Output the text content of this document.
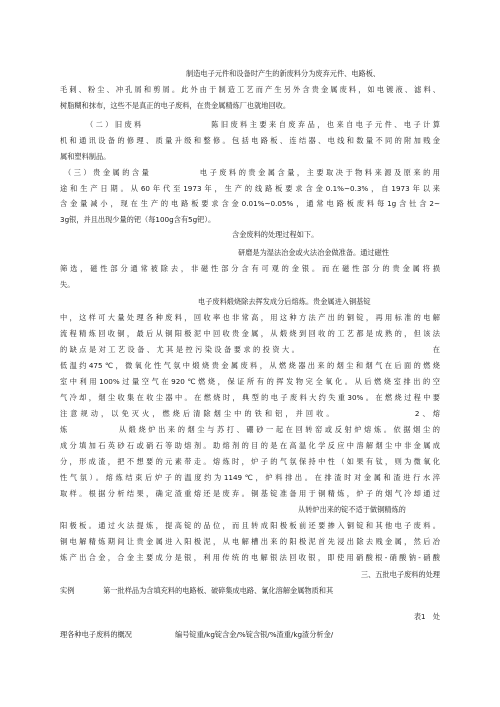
制造电子元件和设备时产生的新废料分为废弃元件、电路板、
毛刺、粉尘、冲孔屑和剪屑。此外由于制造工艺而产生另外含贵金属废料，如电镀液、滤料、
树脂糊和抹布，这些不是真正的电子废料，在贵金属精炼厂也就地回收。
（二）旧废料　　　　　　　陈旧废料主要来自废弃品，也来自电子元件、电子计算
机和通讯设备的修理、质量升级和整修。包括电路板、连结器、电线和数量不同的附加贱金
属和塑料制品。
（三）贵金属的含量　　　　　电子废料的贵金属含量，主要取决于物料来源及原来的用
途和生产日期。从60年代至1973年，生产的线路板要求含金0.1%~0.3%，自1973年以来
含金量减小，现在生产的电路板要求含金0.01%~0.05%，通常电路板废料每1g含钍含2~
3g银，并且出现少量的钯（每100g含有5g钯）。
含金废料的处理过程如下。
研磨是为湿法冶金或火法冶金做准备。通过磁性
筛选，磁性部分通常被除去，非磁性部分含有可观的金银。而在磁性部分的贵金属将损
失。
电子废料煅烧除去挥发成分后熔炼。贵金属进入铜基锭
中，这样可大量处理各种废料，回收率也非常高，用这种方法产出的铜锭，再用标准的电解
流程精炼回收铜，最后从铜阳极泥中回收贵金属，从煅烧到回收的工艺都是成熟的，但该法
的缺点是对工艺设备、尤其是控污染设备要求的投资大。　　　　　　　　　　　　　　在
低温约475℃，微氧化性气氛中煅烧贵金属废料，从燃烧器出来的烟尘和烟气在后面的燃烧
室中利用100%过量空气在920℃燃烧，保证所有的挥发物完全氧化。从后燃烧室排出的空
气冷却，烟尘收集在收尘器中。在燃烧时，典型的电子废料大约失重30%。在燃烧过程中要
注意规动，以免灭火，燃烧后清除烟尘中的铁和铝，并回收。　　　　　　　　2、熔
炼　　　　　从煅烧炉出来的烟尘与苏打、硼砂一起在回转窑或反射炉熔炼。依据烟尘的
成分填加石英砂石或硝石等助熔剂。助熔剂的目的是在高温化学反应中溶解烟尘中非金属成
分，形成渣，把不想要的元素带走。熔炼时，炉子的气氛保持中性（如果有钛，则为微氧化
性气氛）。熔炼结束后炉子的温度约为1149℃，炉料排出。在排渣时对金属和渣进行水淬
取样。根据分析结果，确定渣重熔还是废弃。铜基锭准备用于铜精炼，炉子的烟气冷却通过
从转炉出来的锭不适于做铜精炼的
阳极板。通过火法提炼，提高锭的品位，而且转成阳极板前还要掺入铜锭和其他电子废料。
铜电解精炼期间让贵金属进入阳极泥，从电解槽出来的阳极泥首先浸出除去贱金属，然后冶
炼产出合金，合金主要成分是银，利用传统的电解银法回收银，即使用硝酸根-硝酸钠-硝酸
三、五批电子废料的处理
实例　　　　第一批样品为含填充料的电路板、破碎集成电路、氰化溶解金属物质和其
表1　处
理各种电子废料的概况　　　　　　编号锭重/kg锭含金/%锭含银/%渣重/kg渣分析金/
